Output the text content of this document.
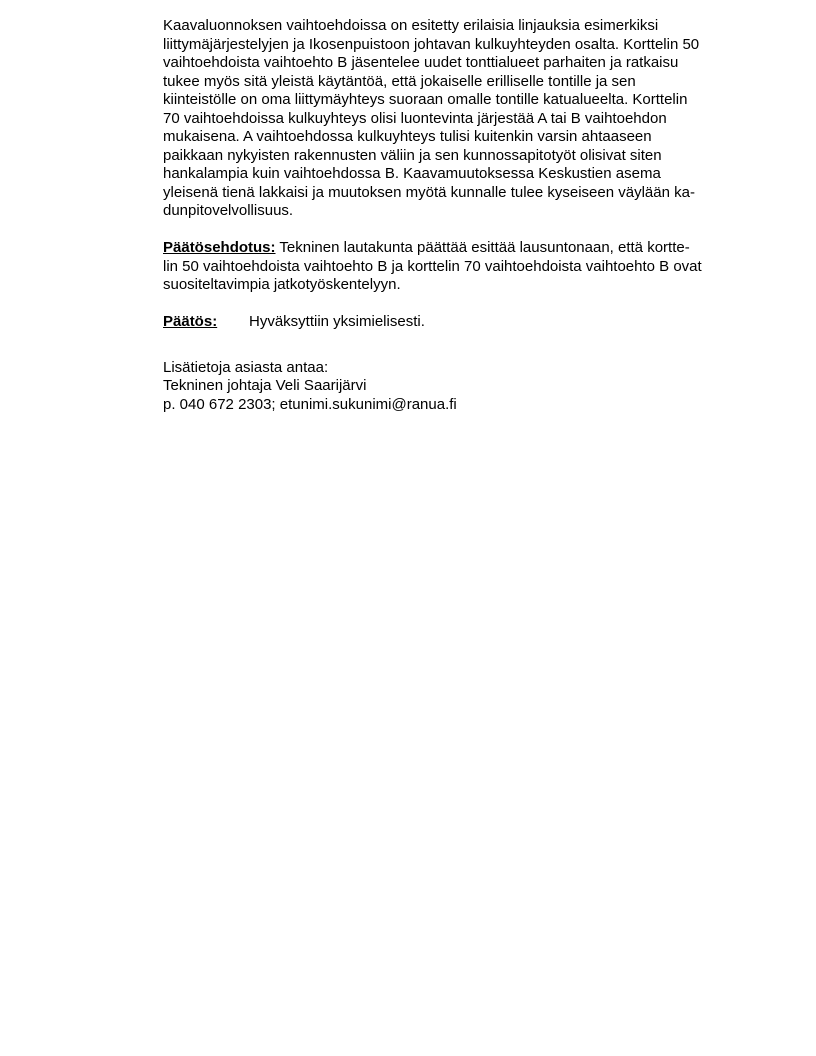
Kaavaluonnoksen vaihtoehdoissa on esitetty erilaisia linjauksia esimerkiksi
liittymäjärjestelyjen ja Ikosenpuistoon johtavan kulkuyhteyden osalta. Korttelin 50
vaihtoehdoista vaihtoehto B jäsentelee uudet tonttialueet parhaiten ja ratkaisu
tukee myös sitä yleistä käytäntöä, että jokaiselle erilliselle tontille ja sen
kiinteistölle on oma liittymäyhteys suoraan omalle tontille katualueelta. Korttelin
70 vaihtoehdoissa kulkuyhteys olisi luontevinta järjestää A tai B vaihtoehdon
mukaisena. A vaihtoehdossa kulkuyhteys tulisi kuitenkin varsin ahtaaseen
paikkaan nykyisten rakennusten väliin ja sen kunnossapitotyöt olisivat siten
hankalampia kuin vaihtoehdossa B. Kaavamuutoksessa Keskustien asema
yleisenä tienä lakkaisi ja muutoksen myötä kunnalle tulee kyseiseen väylään ka-
dunpitovelvollisuus.
Päätösehdotus: Tekninen lautakunta päättää esittää lausuntonaan, että kortte-
lin 50 vaihtoehdoista vaihtoehto B ja korttelin 70 vaihtoehdoista vaihtoehto B ovat
suositeltavimpia jatkotyöskentelyyn.
Päätös: Hyväksyttiin yksimielisesti.
Lisätietoja asiasta antaa:
Tekninen johtaja Veli Saarijärvi
p. 040 672 2303; etunimi.sukunimi@ranua.fi
